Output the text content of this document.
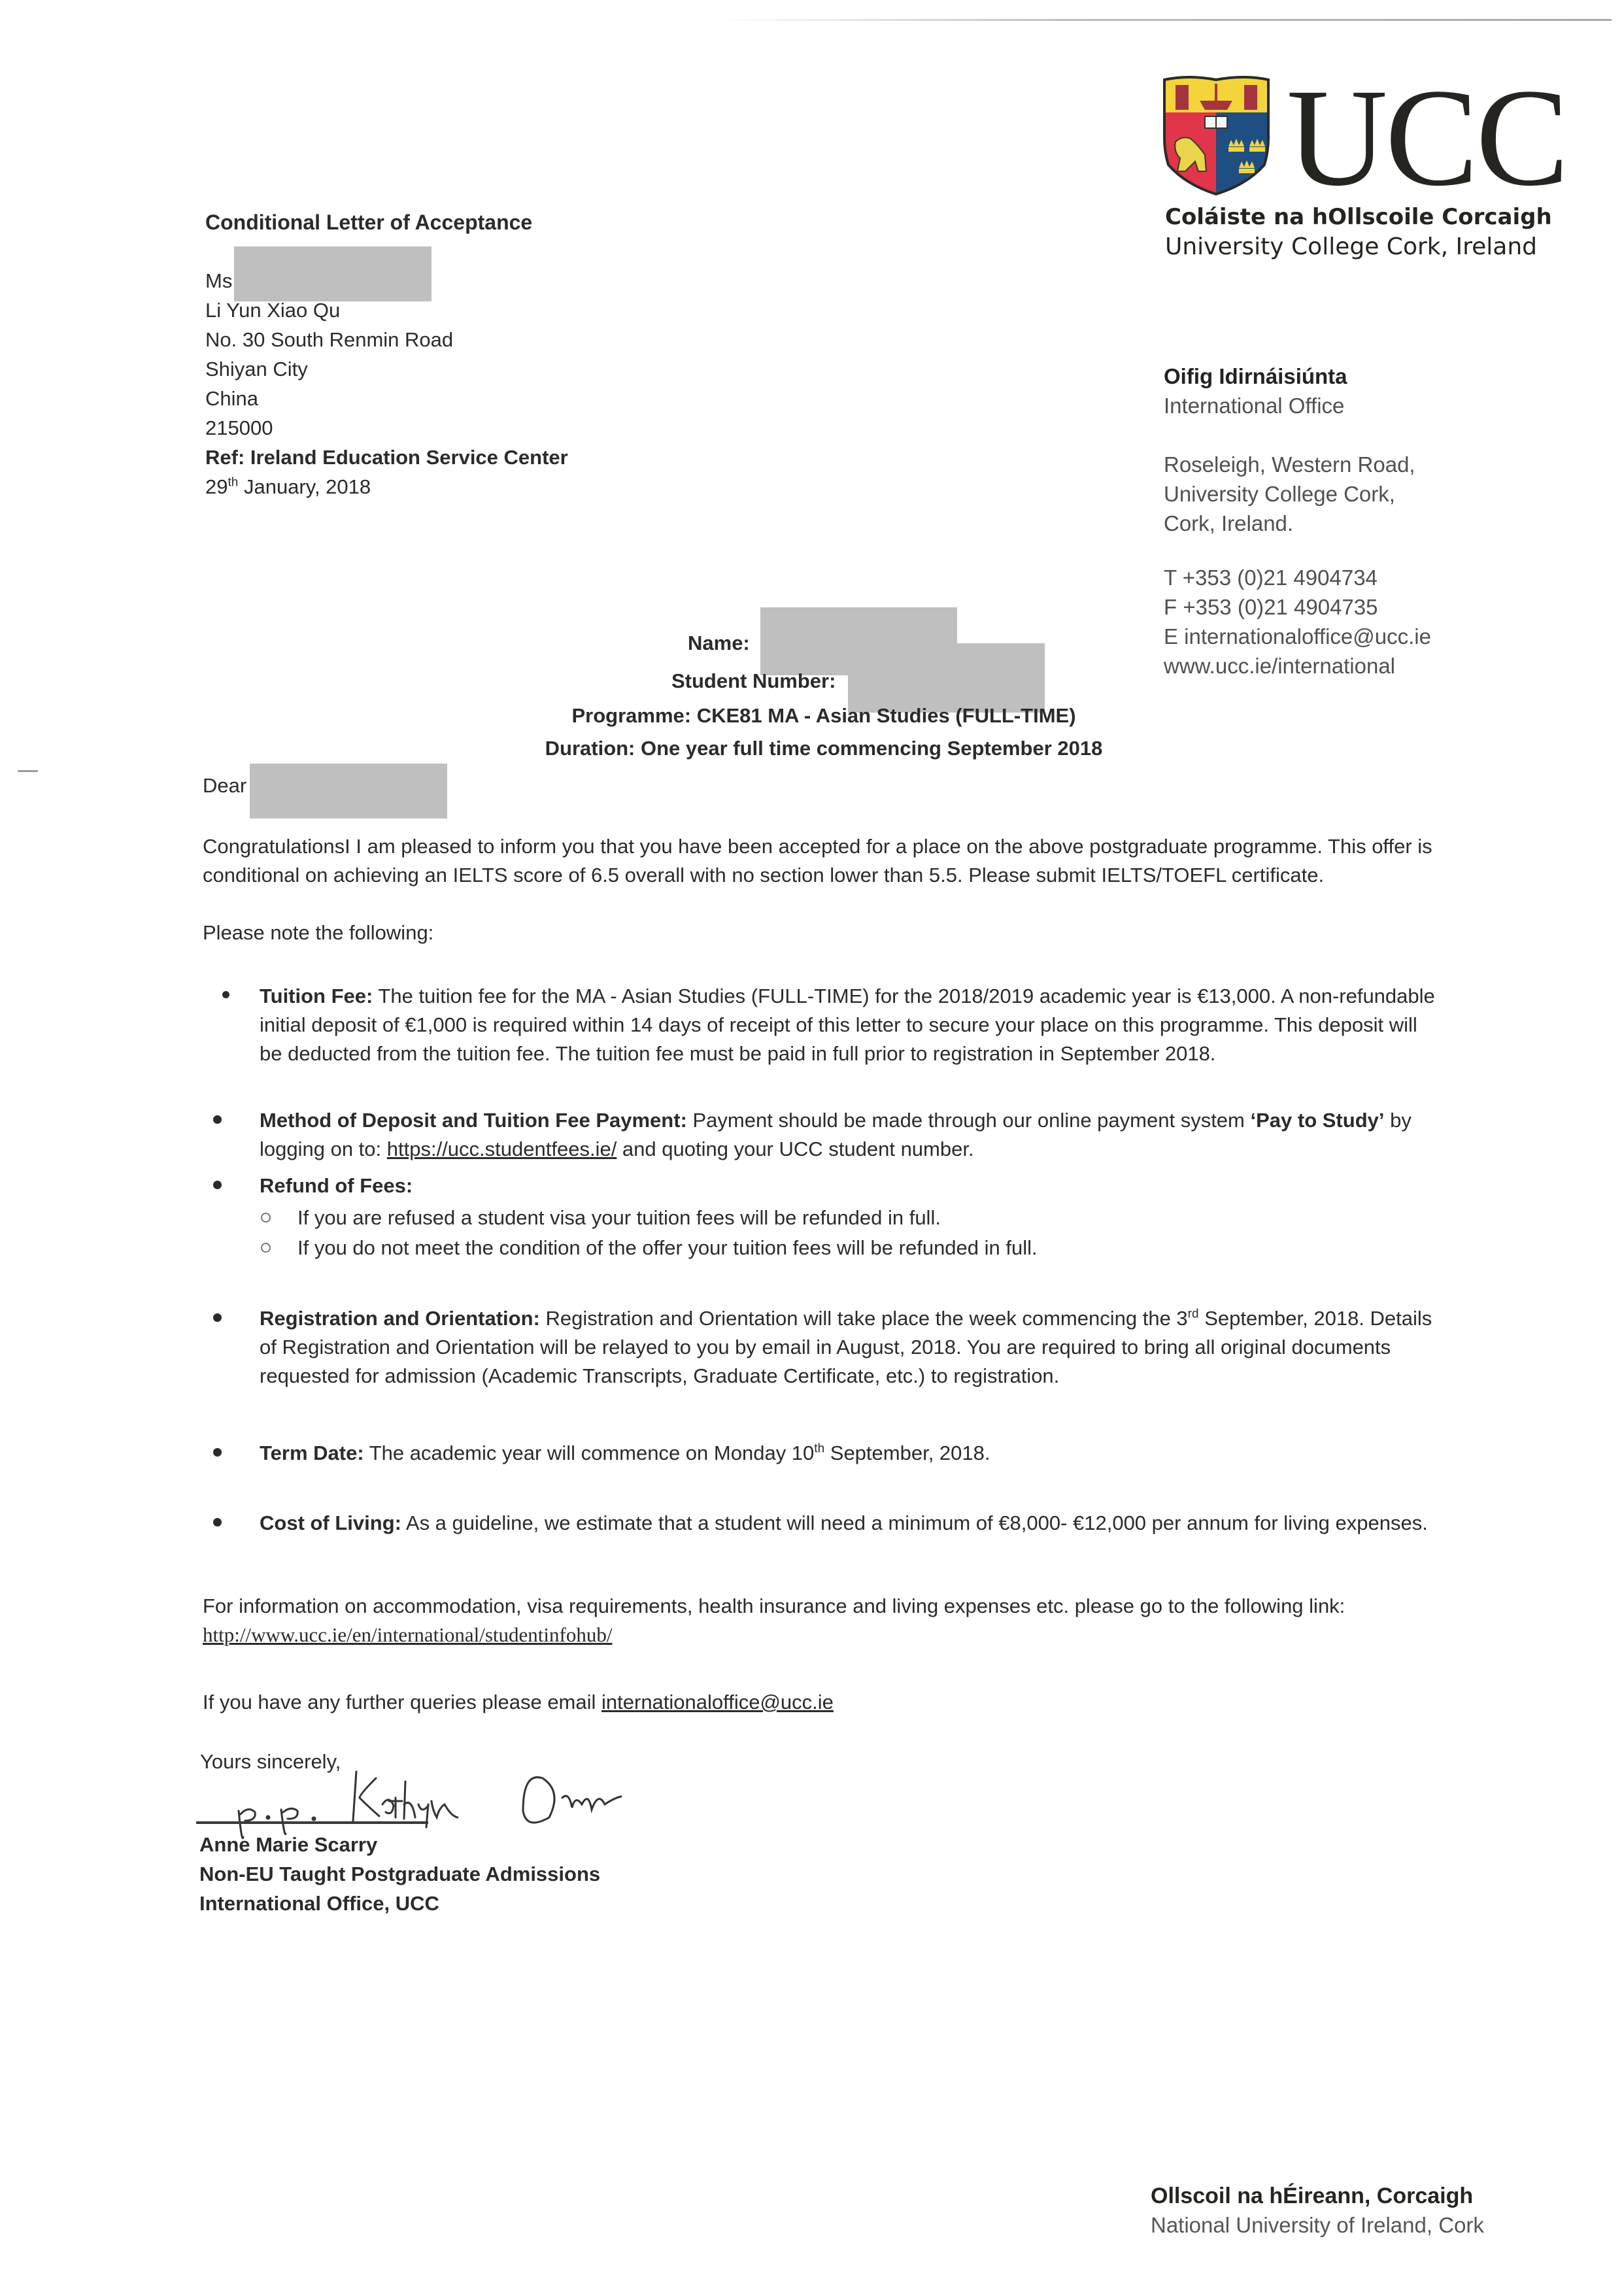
UCC
Coláiste na hOllscoile Corcaigh
University College Cork, Ireland
Oifig Idirnáisiúnta
International Office
Roseleigh, Western Road,
University College Cork,
Cork, Ireland.
T +353 (0)21 4904734
F +353 (0)21 4904735
E internationaloffice@ucc.ie
www.ucc.ie/international
Conditional Letter of Acceptance
Ms
Li Yun Xiao Qu
No. 30 South Renmin Road
Shiyan City
China
215000
Ref: Ireland Education Service Center
29th January, 2018
Name:
Student Number:
Programme: CKE81 MA - Asian Studies (FULL-TIME)
Duration: One year full time commencing September 2018
Dear
CongratulationsI I am pleased to inform you that you have been accepted for a place on the above postgraduate programme. This offer is conditional on achieving an IELTS score of 6.5 overall with no section lower than 5.5. Please submit IELTS/TOEFL certificate.
Please note the following:
Tuition Fee: The tuition fee for the MA - Asian Studies (FULL-TIME) for the 2018/2019 academic year is €13,000. A non-refundable initial deposit of €1,000 is required within 14 days of receipt of this letter to secure your place on this programme. This deposit will be deducted from the tuition fee. The tuition fee must be paid in full prior to registration in September 2018.
Method of Deposit and Tuition Fee Payment: Payment should be made through our online payment system ‘Pay to Study’ by logging on to: https://ucc.studentfees.ie/ and quoting your UCC student number.
Refund of Fees:
If you are refused a student visa your tuition fees will be refunded in full.
If you do not meet the condition of the offer your tuition fees will be refunded in full.
Registration and Orientation: Registration and Orientation will take place the week commencing the 3rd September, 2018. Details of Registration and Orientation will be relayed to you by email in August, 2018. You are required to bring all original documents requested for admission (Academic Transcripts, Graduate Certificate, etc.) to registration.
Term Date: The academic year will commence on Monday 10th September, 2018.
Cost of Living: As a guideline, we estimate that a student will need a minimum of €8,000- €12,000 per annum for living expenses.
For information on accommodation, visa requirements, health insurance and living expenses etc. please go to the following link: http://www.ucc.ie/en/international/studentinfohub/
If you have any further queries please email internationaloffice@ucc.ie
Yours sincerely,
Anne Marie Scarry
Non-EU Taught Postgraduate Admissions
International Office, UCC
Ollscoil na hÉireann, Corcaigh
National University of Ireland, Cork
